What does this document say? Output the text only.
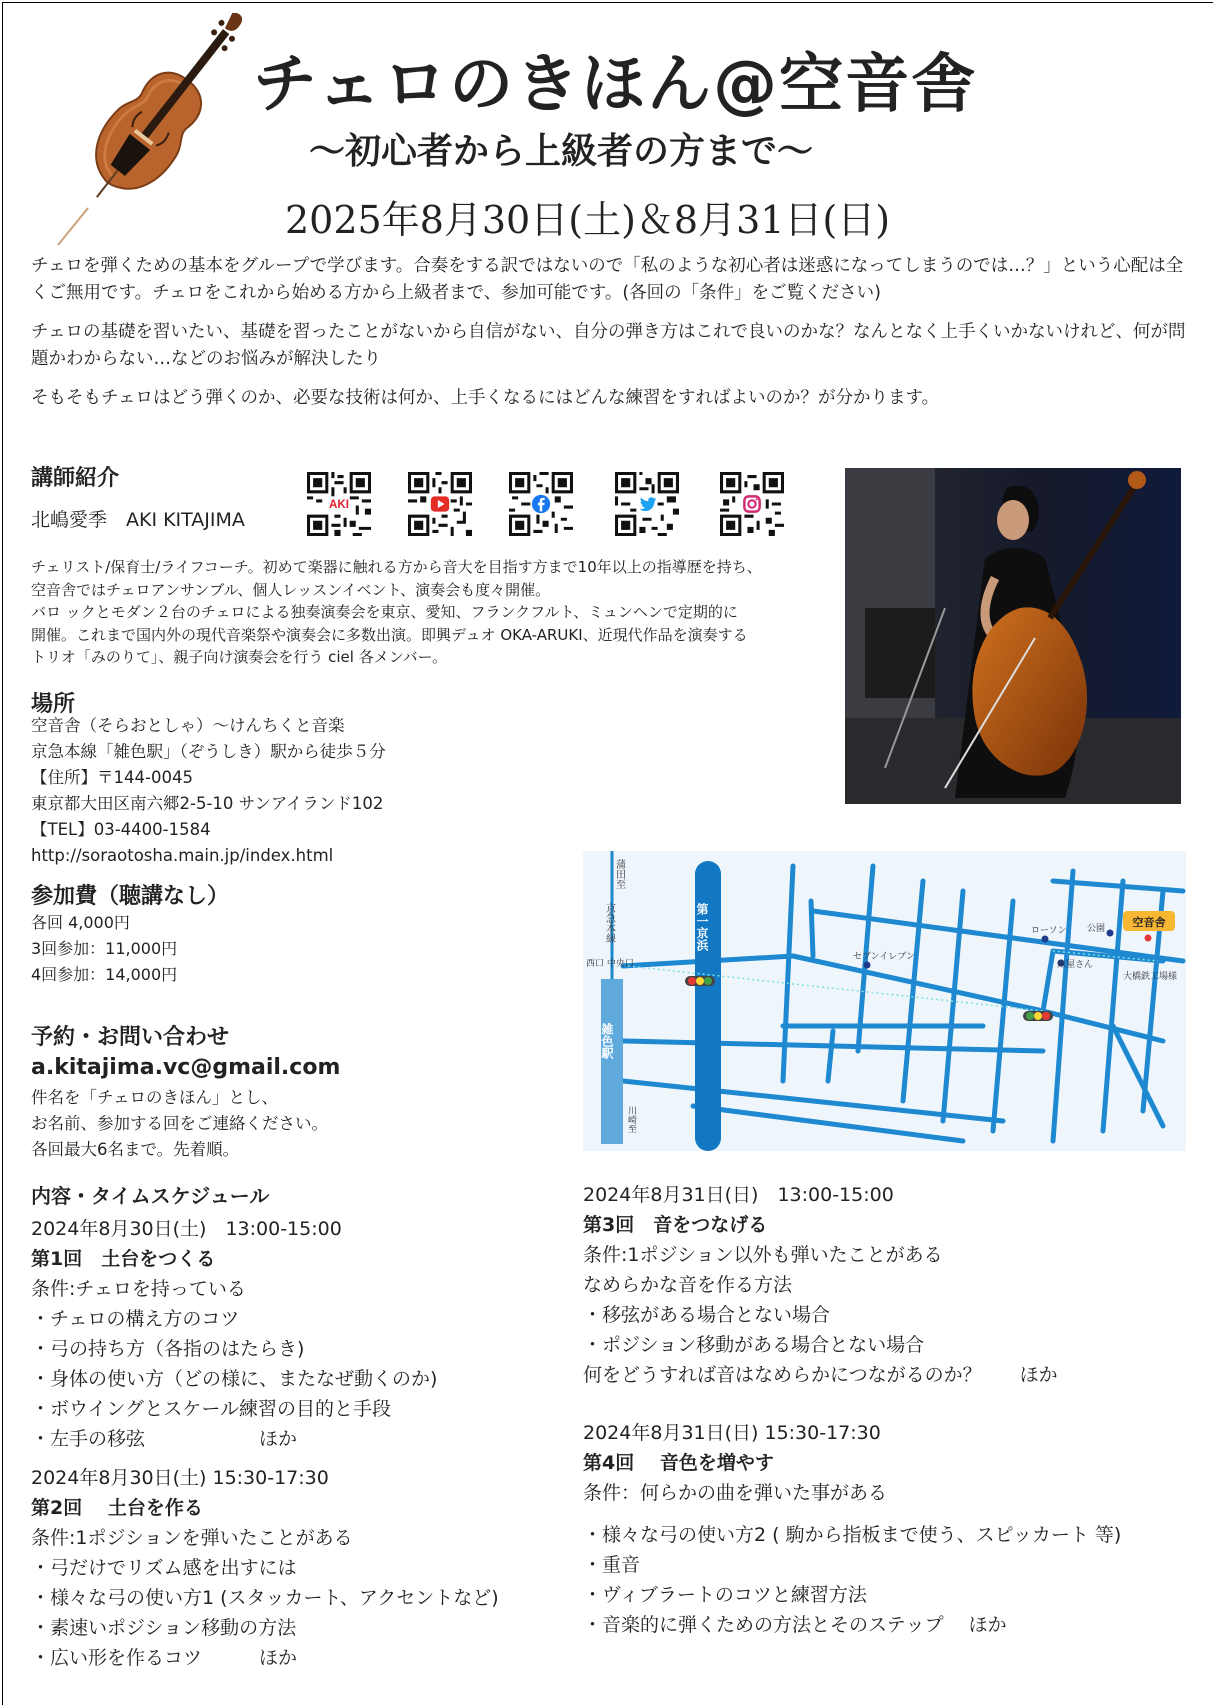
チェロのきほん@空音舎
〜初心者から上級者の方まで〜
2025年8月30日(土)＆8月31日(日)
チェロを弾くための基本をグループで学びます。合奏をする訳ではないので「私のような初心者は迷惑になってしまうのでは…？」という心配は全くご無用です。チェロをこれから始める方から上級者まで、参加可能です。(各回の「条件」をご覧ください)
チェロの基礎を習いたい、基礎を習ったことがないから自信がない、自分の弾き方はこれで良いのかな？なんとなく上手くいかないけれど、何が問題かわからない…などのお悩みが解決したり
そもそもチェロはどう弾くのか、必要な技術は何か、上手くなるにはどんな練習をすればよいのか？が分かります。
講師紹介
北嶋愛季　AKI KITAJIMA
AKI
チェリスト/保育士/ライフコーチ。初めて楽器に触れる方から音大を目指す方まで10年以上の指導歴を持ち、
空音舎ではチェロアンサンブル、個人レッスンイベント、演奏会も度々開催。
バロ ックとモダン２台のチェロによる独奏演奏会を東京、愛知、フランクフルト、ミュンヘンで定期的に
開催。これまで国内外の現代音楽祭や演奏会に多数出演。即興デュオ OKA-ARUKI、近現代作品を演奏する
トリオ「みのりて」、親子向け演奏会を行う ciel 各メンバー。
場所
空音舎（そらおとしゃ）〜けんちくと音楽
京急本線「雑色駅」（ぞうしき）駅から徒歩５分
【住所】〒144-0045
東京都大田区南六郷2-5-10 サンアイランド102
【TEL】03-4400-1584
http://soraotosha.main.jp/index.html
参加費（聴講なし）
各回 4,000円
3回参加：11,000円
4回参加：14,000円
予約・お問い合わせ
a.kitajima.vc@gmail.com
件名を「チェロのきほん」とし、
お名前、参加する回をご連絡ください。
各回最大6名まで。先着順。
空音舎
蒲田至
京急本線
西口 中央口
第一京浜
雑色駅
川崎至
セブンイレブン
ローソン 公園
床屋さん
大橋鉄工場様
内容・タイムスケジュール
2024年8月30日(土)　13:00-15:00
第1回　土台をつくる
条件:チェロを持っている
・チェロの構え方のコツ
・弓の持ち方（各指のはたらき)
・身体の使い方（どの様に、またなぜ動くのか)
・ボウイングとスケール練習の目的と手段
・左手の移弦　　　　　　ほか
2024年8月30日(土) 15:30-17:30
第2回　 土台を作る
条件:1ポジションを弾いたことがある
・弓だけでリズム感を出すには
・様々な弓の使い方1 (スタッカート、アクセントなど)
・素速いポジション移動の方法
・広い形を作るコツ　　　ほか
2024年8月31日(日)　13:00-15:00
第3回　音をつなげる
条件:1ポジション以外も弾いたことがある
なめらかな音を作る方法
・移弦がある場合とない場合
・ポジション移動がある場合とない場合
何をどうすれば音はなめらかにつながるのか？　　ほか
2024年8月31日(日) 15:30-17:30
第4回　 音色を増やす
条件：何らかの曲を弾いた事がある
・様々な弓の使い方2 ( 駒から指板まで使う、スピッカート 等)
・重音
・ヴィブラートのコツと練習方法
・音楽的に弾くための方法とそのステップ　 ほか
